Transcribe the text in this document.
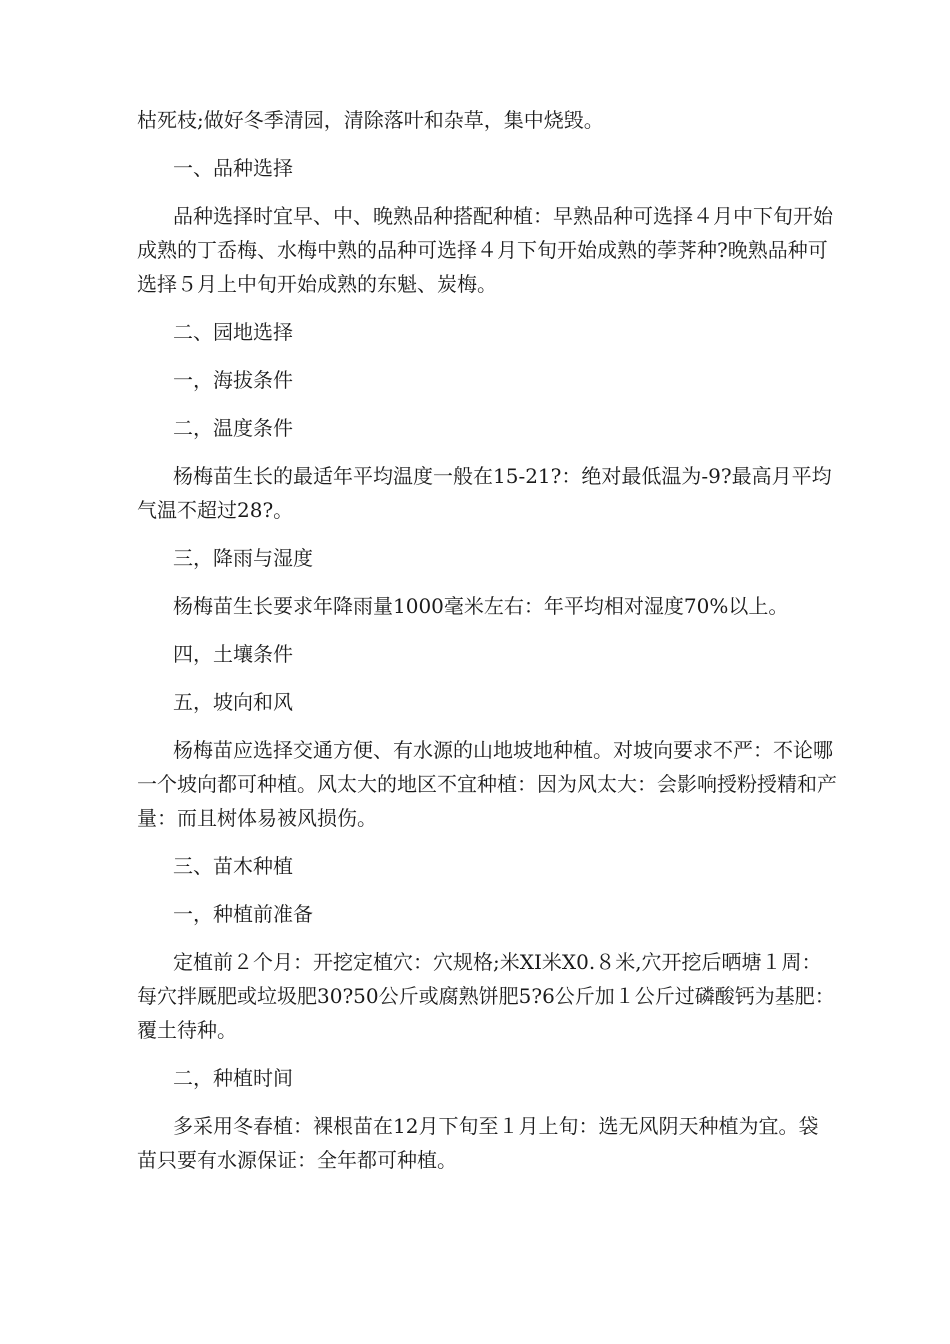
枯死枝;做好冬季清园，清除落叶和杂草，集中烧毁。

一、品种选择

品种选择时宜早、中、晚熟品种搭配种植：早熟品种可选择４月中下旬开始成熟的丁岙梅、水梅中熟的品种可选择４月下旬开始成熟的荸荠种?晚熟品种可选择５月上中旬开始成熟的东魁、炭梅。

二、园地选择

一，海拔条件

二，温度条件

杨梅苗生长的最适年平均温度一般在15-21?：绝对最低温为-9?最高月平均气温不超过28?。

三，降雨与湿度

杨梅苗生长要求年降雨量1000毫米左右：年平均相对湿度70%以上。

四，土壤条件

五，坡向和风

杨梅苗应选择交通方便、有水源的山地坡地种植。对坡向要求不严：不论哪一个坡向都可种植。风太大的地区不宜种植：因为风太大：会影响授粉授精和产量：而且树体易被风损伤。

三、苗木种植

一，种植前准备

定植前２个月：开挖定植穴：穴规格;米XI米X0.８米,穴开挖后晒塘１周：每穴拌厩肥或垃圾肥30?50公斤或腐熟饼肥5?6公斤加１公斤过磷酸钙为基肥：覆土待种。

二，种植时间

多采用冬春植：裸根苗在12月下旬至１月上旬：选无风阴天种植为宜。袋苗只要有水源保证：全年都可种植。
